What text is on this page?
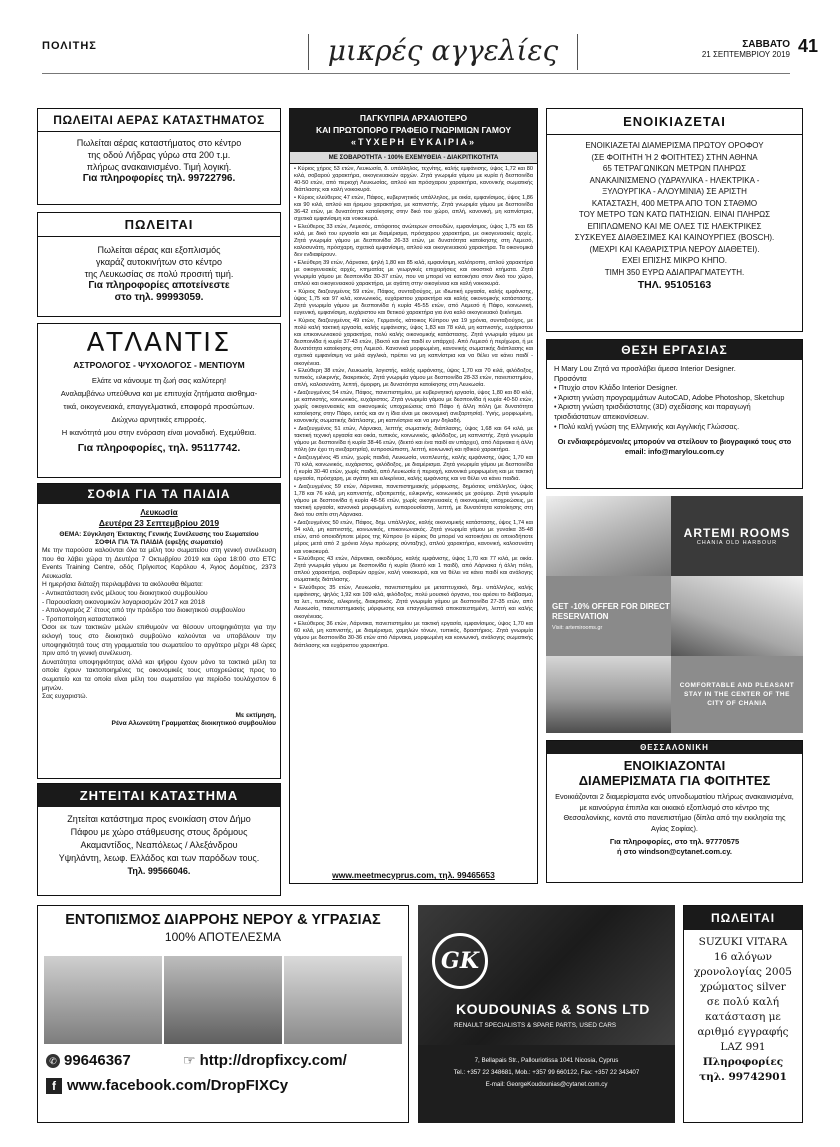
ΠΟΛΙΤΗΣ	μικρές αγγελίες	ΣΑΒΒΑΤΟ
21 ΣΕΠΤΕΜΒΡΙΟΥ 2019 41
ΠΩΛΕΙΤΑΙ ΑΕΡΑΣ ΚΑΤΑΣΤΗΜΑΤΟΣ
Πωλείται αέρας καταστήματος στο κέντρο
της οδού Λήδρας γύρω στα 200 τ.μ.
πλήρως ανακαινισμένο. Τιμή λογική.
Για πληροφορίες τηλ. 99722796.
ΠΩΛΕΙΤΑΙ
Πωλείται αέρας και εξοπλισμός
γκαράζ αυτοκινήτων στο κέντρο
της Λευκωσίας σε πολύ προσιτή τιμή.
Για πληροφορίες αποτείνεστε
στο τηλ. 99993059.
ΑΤΛΑΝΤΙΣ
ΑΣΤΡΟΛΟΓΟΣ - ΨΥΧΟΛΟΓΟΣ - ΜΕΝΤΙΟΥΜ
Ελάτε να κάνουμε τη ζωή σας καλύτερη!
Αναλαμβάνω υπεύθυνα και με επιτυχία ζητήματα αισθημα-
τικά, οικογενειακά, επαγγελματικά, επαφορά προσώπων.
Διώχνω αρνητικές επιρροές.
Η ικανότητά μου στην ενόραση είναι μοναδική. Εχεμύθεια.
Για πληροφορίες, τηλ. 95117742.
ΣΟΦΙΑ ΓΙΑ ΤΑ ΠΑΙΔΙΑ
Λευκωσία
Δευτέρα 23 Σεπτεμβρίου 2019
ΘΕΜΑ: Σύγκληση Έκτακτης Γενικής Συνέλευσης του Σωματείου
ΣΟΦΙΑ ΓΙΑ ΤΑ ΠΑΙΔΙΑ (εφεξής σωματείο)
Με την παρούσα καλούνται όλα τα μέλη του σωματείου στη γενική συνέλευση που θα λάβει χώρα τη Δευτέρα 7 Οκτωβρίου 2019 και ώρα 18:00 στο ETC Events Training Centre, οδός Πρίγκιπος Καρόλου 4, Άγιος Δομέτιος, 2373 Λευκωσία.
Η ημερήσια διάταξη περιλαμβάνει τα ακόλουθα θέματα:
- Αντικατάσταση ενός μέλους του διοικητικού συμβουλίου
- Παρουσίαση οικονομικών λογαριασμών 2017 και 2018
- Απολογισμός Ζ΄ έτους από την πρόεδρο του διοικητικού συμβουλίου
- Τροποποίηση καταστατικού
Όσοι εκ των τακτικών μελών επιθυμούν να θέσουν υποψηφιότητα για την εκλογή τους στο διοικητικό συμβούλιο καλούνται να υποβάλουν την υποψηφιότητά τους στη γραμματεία του σωματείου το αργότερο μέχρι 48 ώρες πριν από τη γενική συνέλευση.
Δυνατότητα υποψηφιότητας αλλά και ψήφου έχουν μόνο τα τακτικά μέλη τα οποία έχουν τακτοποιημένες τις οικονομικές τους υποχρεώσεις προς το σωματείο και τα οποία είναι μέλη του σωματείου για περίοδο τουλάχιστον 6 μηνών.
Σας ευχαριστώ.
Με εκτίμηση,
Ρένα Αλωνεύτη Γραμματέας διοικητικού συμβουλίου
ΖΗΤΕΙΤΑΙ ΚΑΤΑΣΤΗΜΑ
Ζητείται κατάστημα προς ενοικίαση στον Δήμο
Πάφου με χώρο στάθμευσης στους δρόμους
Ακαμαντίδος, Νεαπόλεως / Αλεξάνδρου
Υψηλάντη, λεωφ. Ελλάδος και των παρόδων τους.
Τηλ. 99566046.
ΠΑΓΚΥΠΡΙΑ ΑΡΧΑΙΟΤΕΡΟ
ΚΑΙ ΠΡΩΤΟΠΟΡΟ ΓΡΑΦΕΙΟ ΓΝΩΡΙΜΙΩΝ ΓΑΜΟΥ
«ΤΥΧΕΡΗ ΕΥΚΑΙΡΙΑ»
ΜΕ ΣΟΒΑΡΟΤΗΤΑ - 100% ΕΧΕΜΥΘΕΙΑ - ΔΙΑΚΡΙΤΙΚΟΤΗΤΑ
• Κύριος χήρος 53 ετών, Λευκωσία, δ. υπάλληλος, τεχνίτης, καλής εμφάνισης, ύψος 1,72 και 80 κιλά, σοβαρού χαρακτήρα, οικογενειακών αρχών. Ζητά γνωριμία γάμου με κυρία ή δεσποινίδα 40-50 ετών, από περιοχή Λευκωσίας, απλού και πρόσχαρου χαρακτήρα, κανονικής σωματικής διάπλασης και καλή νοικοκυρά.
• Κύριος ελεύθερος 47 ετών, Πάφος, κυβερνητικός υπάλληλος, με οικία, εμφανίσιμος, ύψος 1,86 και 90 κιλά, απλού και ήρεμου χαρακτήρα, με καπνιστής. Ζητά γνωριμία γάμου με δεσποινίδα 36-42 ετών, με δυνατότητα κατοίκησης στην δικό του χώρο, απλή, κανονική, μη καπνίστρια, σχετικά εμφανίσιμη και νοικοκυρά.
• Ελεύθερος 33 ετών, Λεμεσός, απόφοιτος ανώτερων σπουδών, εμφανίσιμος, ύψος 1,75 και 65 κιλά, με δικό του εργασία και με διαμέρισμα, πρόσχαρου χαρακτήρα, με οικογενειακές αρχές. Ζητά γνωριμία γάμου με δεσποινίδα 26-33 ετών, με δυνατότητα κατοίκησης στη Λεμεσό, καλοσυνάτη, πρόσχαρη, σχετικά εμφανίσιμη, απλού και οικογενειακού χαρακτήρα. Τα οικονομικά δεν ενδιαφέρουν.
• Ελεύθερη 39 ετών, Λάρνακα, ψηλή 1,80 και 85 κιλά, εμφανίσιμη, καλότροπη, απλού χαρακτήρα με οικογενειακές αρχές, κτηματίας με γεωργικές επιχειρήσεις και οικιστικά κτήματα. Ζητά γνωριμία γάμου με δεσποινίδα 30-37 ετών, που να μπορεί να κατοικήσει στον δικό του χώρο, απλού και οικογενειακού χαρακτήρα, με αγάπη στην οικογένεια και καλή νοικοκυρά.
• Κύριος διαζευγμένος 59 ετών, Πάφος, συνταξιούχος, με ιδιωτική εργασία, καλής εμφάνισης, ύψος 1,75 και 97 κιλά, κοινωνικός, ευχάριστου χαρακτήρα και καλής οικονομικής κατάστασης. Ζητά γνωριμία γάμου με δεσποινίδα ή κυρία 45-55 ετών, από Λεμεσό ή Πάφο, κοινωνική, ευγενική, εμφανίσιμη, ευχάριστου και θετικού χαρακτήρα για ένα καλό οικογενειακό ξεκίνημα.
• Κύριος διαζευγμένος 49 ετών, Γερμανός, κάτοικος Κύπρου για 19 χρόνια, συνταξιούχος, με πολύ καλή τακτική εργασία, καλής εμφάνισης, ύψος 1,83 και 78 κιλά, μη καπνιστής, ευχάριστου και επικοινωνιακού χαρακτήρα, πολύ καλής οικονομικής κατάστασης. Ζητά γνωριμία γάμου με δεσποινίδα ή κυρία 37-43 ετών, (δεκτό και ένα παιδί εν υπάρχει). Από Λεμεσό ή περίχωρα, ή με δυνατότητα κατοίκησης στη Λεμεσό. Κανονικά μορφωμένη, κανονικής σωματικής διάπλασης και σχετικά εμφανίσιμη να μιλά αγγλικά, πρέπει να μη καπνίστρια και να θέλει να κάνει παιδί - οικογένεια.
• Ελεύθερη 38 ετών, Λευκωσία, λογιστής, καλής εμφάνισης, ύψος 1,70 και 70 κιλά, φιλόδοξος, τυπικός, ειλικρινής, διακριτικός. Ζητά γνωριμία γάμου με δεσποινίδα 28-33 ετών, πανεπιστημίου, απλή, καλοσυνάτη, λεπτή, όμορφη, με δυνατότητα κατοίκησης στη Λευκωσία.
• Διαζευγμένος 54 ετών, Πάφος, πανεπιστημίου, με κυβερνητική εργασία, ύψος 1,80 και 80 κιλά, με καπνιστής, κοινωνικός, ευχάριστος. Ζητά γνωριμία γάμου με δεσποινίδα ή κυρία 40-50 ετών, χωρίς οικογενειακές και οικονομικές υποχρεώσεις από Πάφο ή άλλη πόλη (με δυνατότητα κατοίκησης στην Πάφο, εκτός και αν η ίδια είναι με οικονομική ανεξαρτησία). Υγιής, μορφωμένη, κανονικής σωματικής διάπλασης, μη καπνίστρια και να μην δηλαδή.
• Διαζευγμένος 51 ετών, Λάρνακα, λεπτής σωματικής διάπλασης, ύψος 1,68 και 64 κιλά, με τακτική τεχνική εργασία και οικία, τυπικός, κοινωνικός, φιλόδοξος, μη καπνιστής. Ζητά γνωριμία γάμου με δεσποινίδα ή κυρία 38-46 ετών, (δεκτό και ένα παιδί αν υπάρχει), από Λάρνακα ή άλλη πόλη (αν έχει τη ανεξαρτησία), ευπροσώπιστη, λεπτή, κοινωνική και ηθικού χαρακτήρα.
• Διαζευγμένος 45 ετών, χωρίς παιδιά, Λευκωσία, νεοπλευτής, καλής εμφάνισης, ύψος 1,70 και 70 κιλά, κοινωνικός, ευχάριστος, φιλόδοξος, με διαμέρισμα. Ζητά γνωριμία γάμου με δεσποινίδα ή κυρία 30-40 ετών, χωρίς παιδιά, από Λευκωσία ή περιοχή, κανονικά μορφωμένη και με τακτική εργασία, πρόσχαρη, με αγάπη και ειλικρίνεια, καλής εμφάνισης και να θέλει να κάνει παιδιά.
• Διαζευγμένος 59 ετών, Λάρνακα, πανεπιστημιακής μόρφωσης, δημόσιος υπάλληλος, ύψος 1,78 και 76 κιλά, μη καπνιστής, αξιοπρεπής, ειλικρινής, κοινωνικός με χιούμορ. Ζητά γνωριμία γάμου με δεσποινίδα ή κυρία 48-56 ετών, χωρίς οικογενειακές ή οικονομικές υποχρεώσεις, με τακτική εργασία, κανονικά μορφωμένη, ευπαρουσίαστη, λεπτή, με δυνατότητα κατοίκησης στη δικό του σπίτι στη Λάρνακα.
• Διαζευγμένος 50 ετών, Πάφος, δημ. υπάλληλος, καλής οικονομικής κατάστασης, ύψος 1,74 και 94 κιλά, μη καπνιστής, κοινωνικός, επικοινωνιακός. Ζητά γνωριμία γάμου με γυναίκα 35-48 ετών, από οποιοδήποτε μέρος της Κύπρου (ο κύριος θα μπορεί να κατοικήσει σε οποιοδήποτε μέρος μετά από 2 χρόνια λόγω πρόωρης σύνταξης), απλού χαρακτήρα, κανονική, καλοσυνάτη και νοικοκυρά.
• Ελεύθερος 43 ετών, Λάρνακα, οικοδόμος, καλής εμφάνισης, ύψος 1,70 και 77 κιλά, με οικία. Ζητά γνωριμία γάμου με δεσποινίδα ή κυρία (δεκτό και 1 παιδί), από Λάρνακα ή άλλη πόλη, απλού χαρακτήρα, σοβαρών αρχών, καλή νοικοκυρά, και να θέλει να κάνει παιδί και ανάλογης σωματικής διάπλασης.
• Ελεύθερος 35 ετών, Λευκωσία, πανεπιστημίου με μεταπτυχιακό, δημ. υπάλληλος, καλής εμφάνισης, ψηλός 1,92 και 109 κιλά, φιλόδοξος, πολύ μουσικό όργανο, του αρέσει το διάβασμα, τα λετ., τυπικός, ειλικρινής, διακριτικός. Ζητά γνωριμία γάμου με δεσποινίδα 27-35 ετών, από Λευκωσία, πανεπιστημιακής μόρφωσης και επαγγελματικά αποκατεστημένη, λεπτή και καλής οικογένειας.
• Ελεύθερος 36 ετών, Λάρνακα, πανεπιστημίου με τακτική εργασία, εμφανίσιμος, ύψος 1,70 και 60 κιλά, μη καπνιστής, με διαμέρισμα, χαμηλών τόνων, τυπικός, δραστήριος. Ζητά γνωριμία γάμου με δεσποινίδα 30-36 ετών από Λάρνακα, μορφωμένη και κοινωνική, ανάλογης σωματικής διάπλασης και ευχάριστου χαρακτήρα.
www.meetmecyprus.com, τηλ. 99465653
ΕΝΟΙΚΙΑΖΕΤΑΙ
ΕΝΟΙΚΙΑΖΕΤΑΙ ΔΙΑΜΕΡΙΣΜΑ ΠΡΩΤΟΥ ΟΡΟΦΟΥ
(ΣΕ ΦΟΙΤΗΤΗ Ή 2 ΦΟΙΤΗΤΕΣ) ΣΤΗΝ ΑΘΗΝΑ
65 ΤΕΤΡΑΓΩΝΙΚΩΝ ΜΕΤΡΩΝ ΠΛΗΡΩΣ
ΑΝΑΚΑΙΝΙΣΜΕΝΟ (ΥΔΡΑΥΛΙΚΑ - ΗΛΕΚΤΡΙΚΑ -
ΞΥΛΟΥΡΓΙΚΑ - ΑΛΟΥΜΙΝΙΑ) ΣΕ ΑΡΙΣΤΗ
ΚΑΤΑΣΤΑΣΗ, 400 ΜΕΤΡΑ ΑΠΟ ΤΟΝ ΣΤΑΘΜΟ
ΤΟΥ ΜΕΤΡΟ ΤΩΝ ΚΑΤΩ ΠΑΤΗΣΙΩΝ. ΕΙΝΑΙ ΠΛΗΡΩΣ
ΕΠΙΠΛΩΜΕΝΟ ΚΑΙ ΜΕ ΟΛΕΣ ΤΙΣ ΗΛΕΚΤΡΙΚΕΣ
ΣΥΣΚΕΥΕΣ ΔΙΑΘΕΣΙΜΕΣ ΚΑΙ ΚΑΙΝΟΥΡΓΙΕΣ (BOSCH).
(ΜΕΧΡΙ ΚΑΙ ΚΑΘΑΡΙΣΤΡΙΑ ΝΕΡΟΥ ΔΙΑΘΕΤΕΙ).
ΕΧΕΙ ΕΠΙΣΗΣ ΜΙΚΡΟ ΚΗΠΟ.
ΤΙΜΗ 350 ΕΥΡΩ ΑΔΙΑΠΡΑΓΜΑΤΕΥΤΗ.
ΤΗΛ. 95105163
ΘΕΣΗ ΕΡΓΑΣΙΑΣ
Η Mary Lou Ζητά να προσλάβει άμεσα Interior Designer.
Προσόντα
• Πτυχίο στον Κλάδο Interior Designer.
• Άριστη γνώση προγραμμάτων AutoCAD, Adobe Photoshop, Sketchup
• Άριστη γνώση τρισδιάστατης (3D) σχεδίασης και παραγωγή τρισδιάστατων απεικονίσεων.
• Πολύ καλή γνώση της Ελληνικής και Αγγλικής Γλώσσας.
Οι ενδιαφερόμενοι/ες μπορούν να στείλουν το βιογραφικό τους στο email: info@marylou.com.cy
ARTEMI ROOMS
CHANIA OLD HARBOUR
GET -10% OFFER FOR DIRECT RESERVATION
Visit: artemirooms.gr
COMFORTABLE AND PLEASANT STAY IN THE CENTER OF THE CITY OF CHANIA
ΘΕΣΣΑΛΟΝΙΚΗ
ΕΝΟΙΚΙΑΖΟΝΤΑΙ
ΔΙΑΜΕΡΙΣΜΑΤΑ ΓΙΑ ΦΟΙΤΗΤΕΣ
Ενοικιάζονται 2 διαμερίσματα ενός υπνοδωματίου πλήρως ανακαινισμένα, με καινούργια έπιπλα και οικιακό εξοπλισμό στο κέντρο της Θεσσαλονίκης, κοντά στο πανεπιστήμιο (δίπλα από την εκκλησία της Αγίας Σοφίας).
Για πληροφορίες, στο τηλ. 97770575
ή στο windson@cytanet.com.cy.
ΕΝΤΟΠΙΣΜΟΣ ΔΙΑΡΡΟΗΣ ΝΕΡΟΥ & ΥΓΡΑΣΙΑΣ
100% ΑΠΟΤΕΛΕΣΜΑ
✆ 99646367	☞ http://dropfixcy.com/
f www.facebook.com/DropFIXCy
GK
KOUDOUNIAS & SONS LTD
RENAULT SPECIALISTS & SPARE PARTS, USED CARS
7, Bellapais Str., Pallouriotissa 1041 Nicosia, Cyprus
Tel.: +357 22 348681, Mob.: +357 99 660122, Fax: +357 22 343407
E-mail: GeorgeKoudounias@cytanet.com.cy
ΠΩΛΕΙΤΑΙ
SUZUKI VITARA
16 αλόγων
χρονολογίας 2005
χρώματος silver
σε πολύ καλή
κατάσταση με
αριθμό εγγραφής
LAZ 991
Πληροφορίες
τηλ. 99742901
